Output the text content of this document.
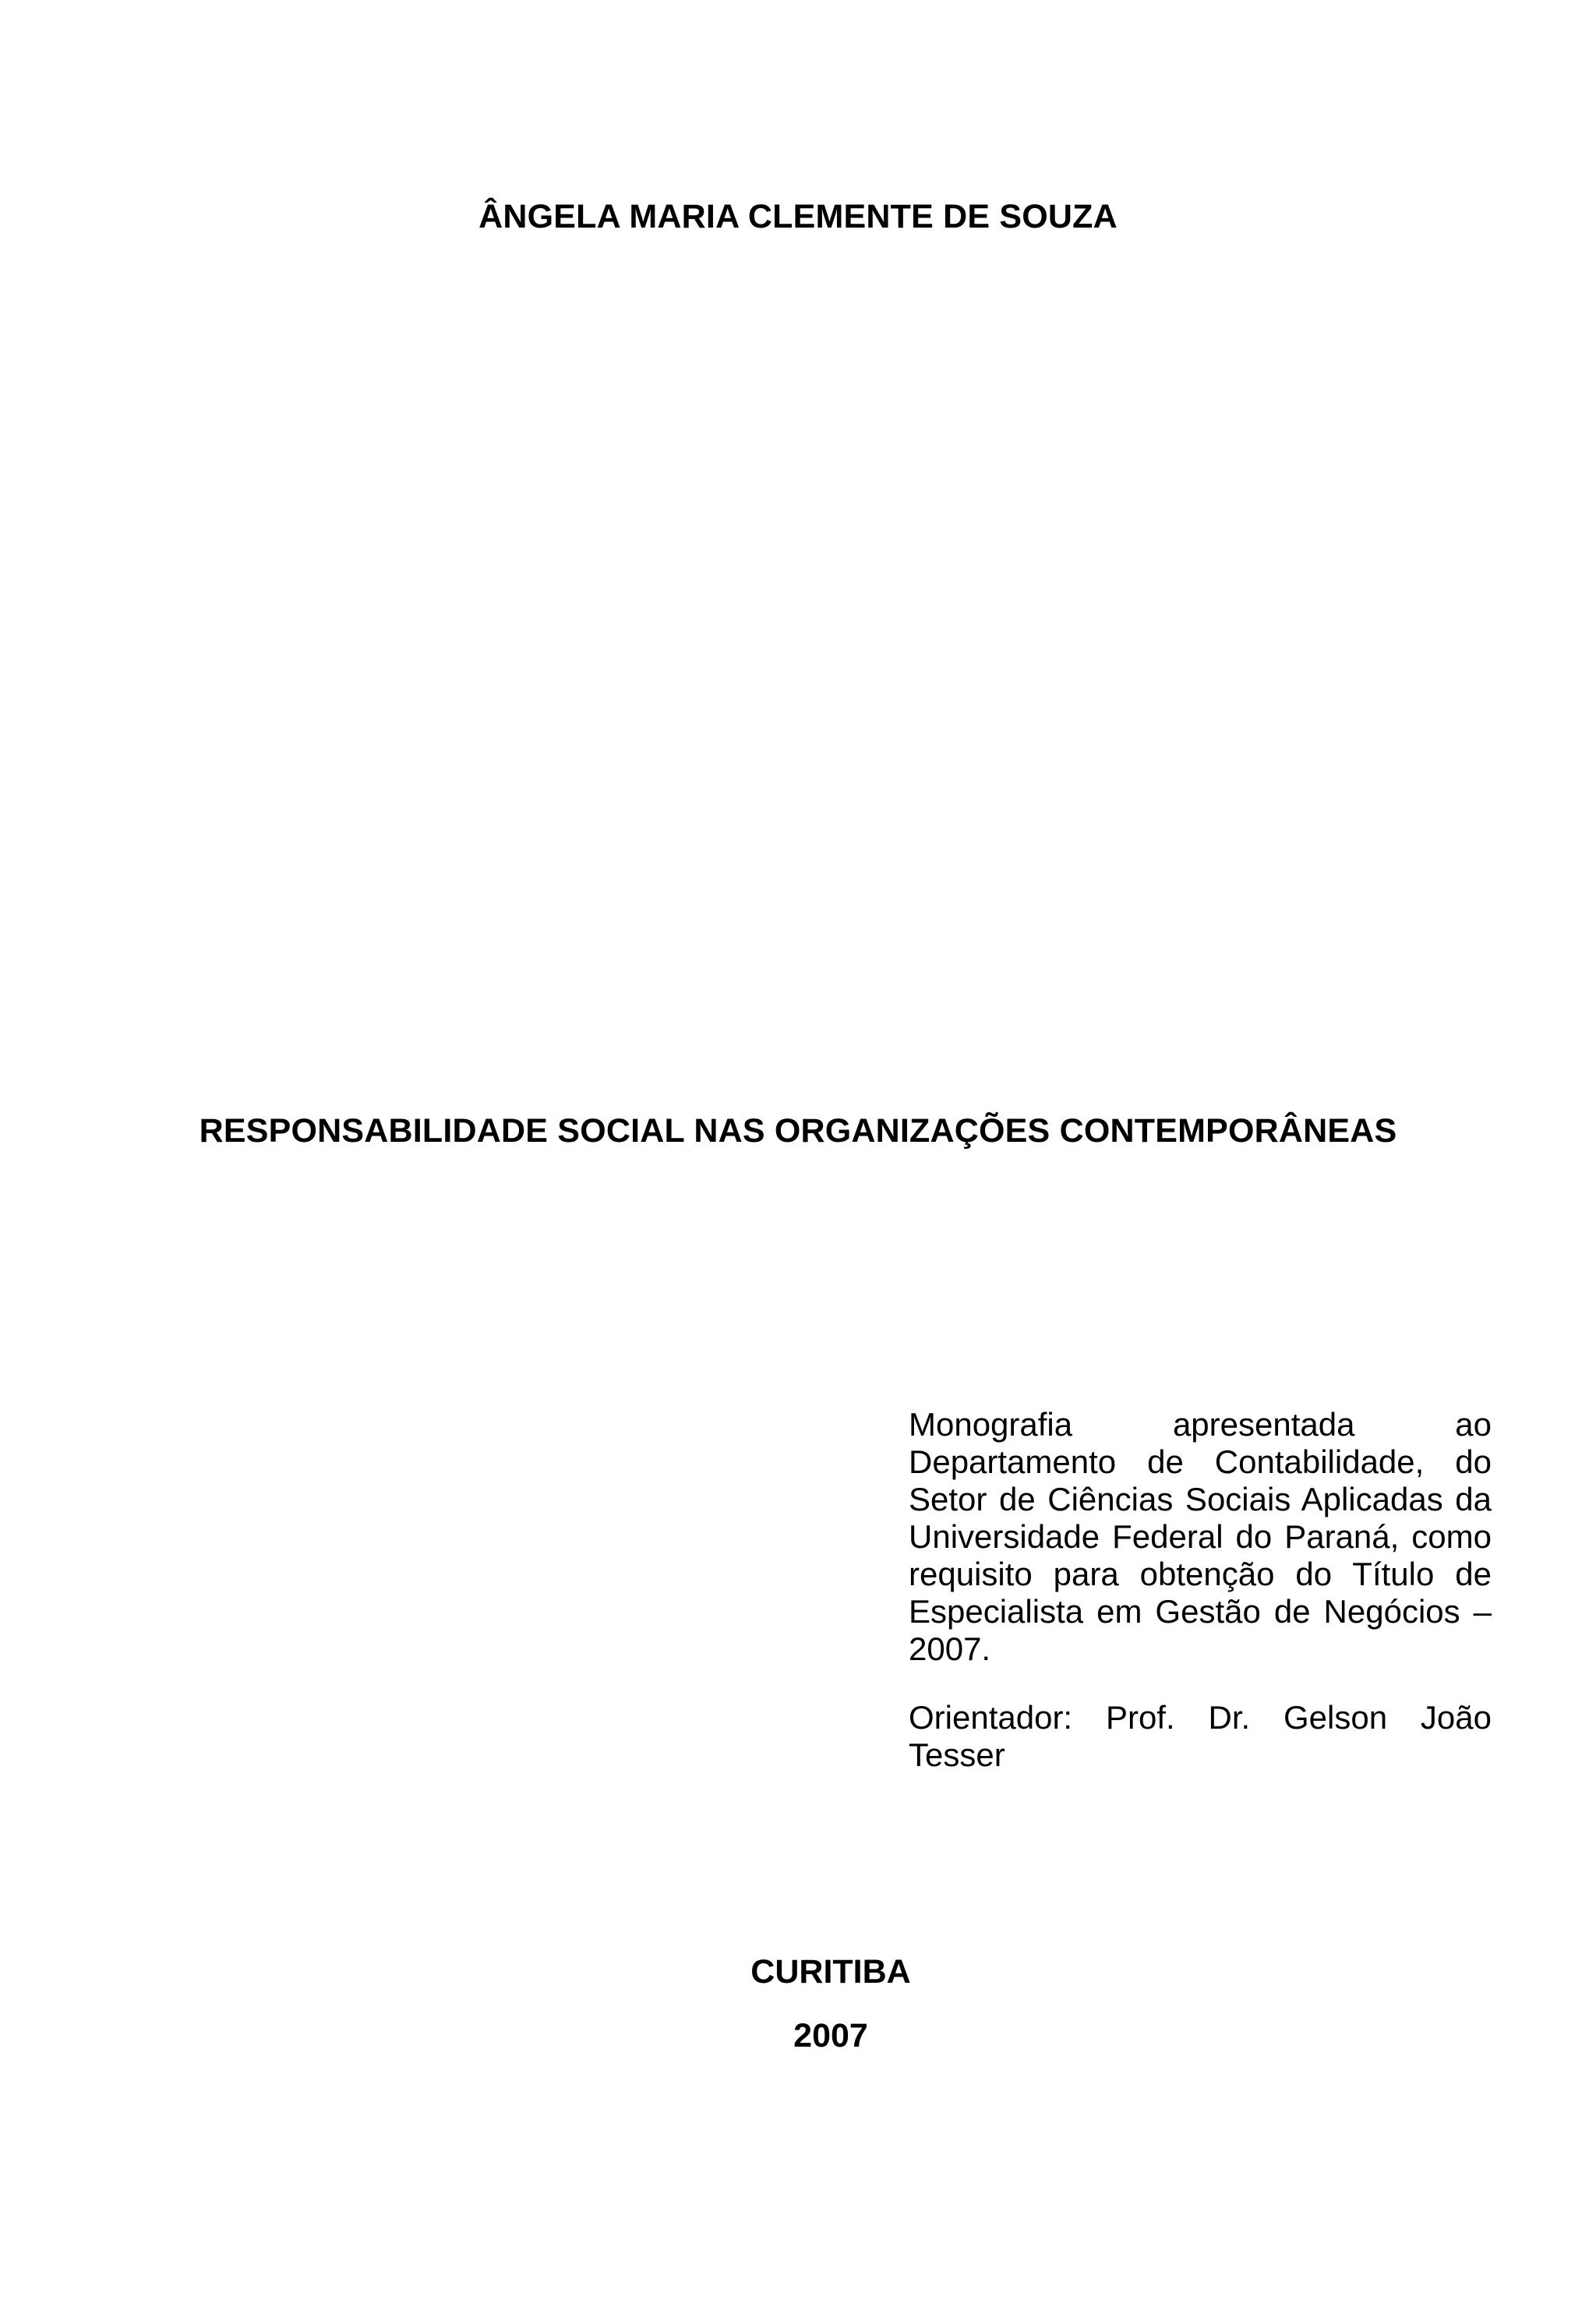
ÂNGELA MARIA CLEMENTE DE SOUZA
RESPONSABILIDADE SOCIAL NAS ORGANIZAÇÕES CONTEMPORÂNEAS
Monografia apresentada ao Departamento de Contabilidade, do Setor de Ciências Sociais Aplicadas da Universidade Federal do Paraná, como requisito para obtenção do Título de Especialista em Gestão de Negócios – 2007.
Orientador: Prof. Dr. Gelson João Tesser
CURITIBA
2007
